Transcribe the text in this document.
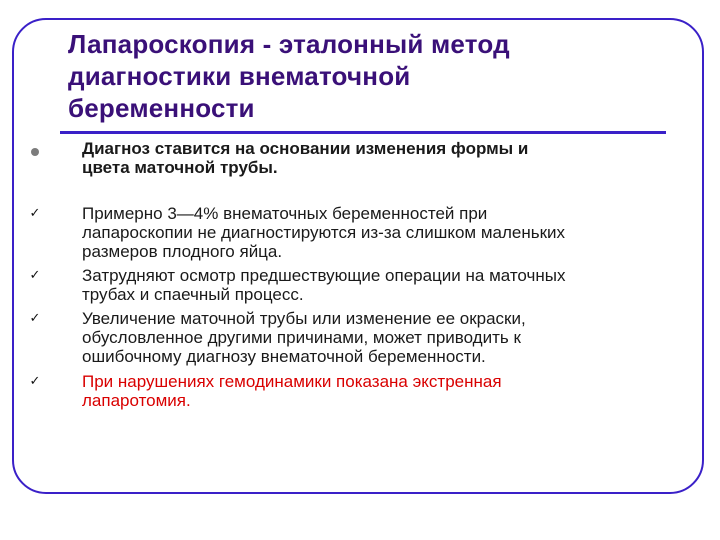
Лапароскопия - эталонный метод
диагностики внематочной
беременности
Диагноз ставится на основании изменения формы и
цвета маточной трубы.
✓ Примерно 3—4% внематочных беременностей при
лапароскопии не диагностируются из-за слишком маленьких
размеров плодного яйца.
✓ Затрудняют осмотр предшествующие операции на маточных
трубах и спаечный процесс.
✓ Увеличение маточной трубы или изменение ее окраски,
обусловленное другими причинами, может приводить к
ошибочному диагнозу внематочной беременности.
✓ При нарушениях гемодинамики показана экстренная
лапаротомия.
